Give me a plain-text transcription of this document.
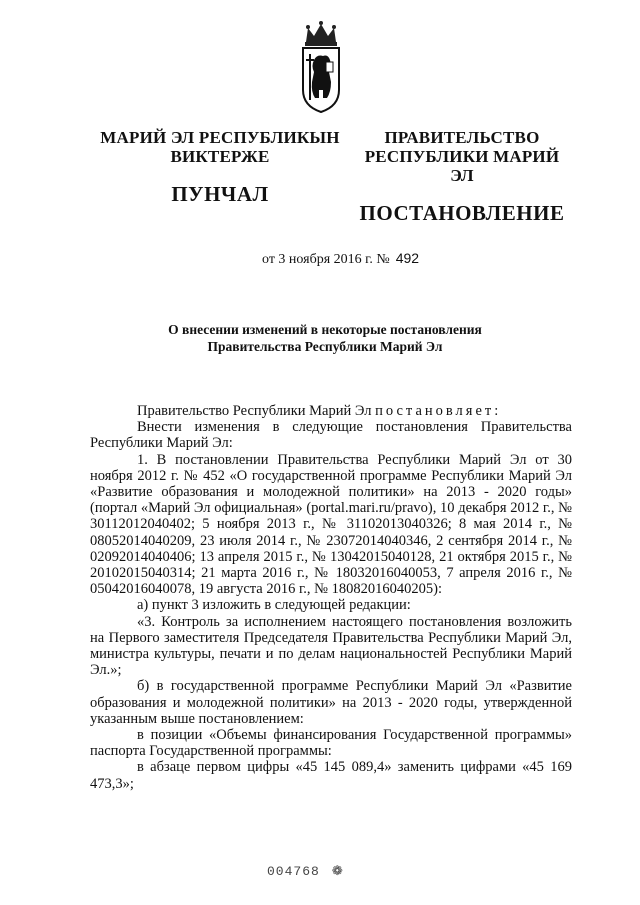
МАРИЙ ЭЛ РЕСПУБЛИКЫН
ВИКТЕРЖЕ
ПУНЧАЛ
ПРАВИТЕЛЬСТВО
РЕСПУБЛИКИ МАРИЙ ЭЛ
ПОСТАНОВЛЕНИЕ
от 3 ноября 2016 г. № 492
О внесении изменений в некоторые постановления
Правительства Республики Марий Эл

Правительство Республики Марий Эл постановляет:

Внести изменения в следующие постановления Правительства Республики Марий Эл:

1. В постановлении Правительства Республики Марий Эл от 30 ноября 2012 г. № 452 «О государственной программе Республики Марий Эл «Развитие образования и молодежной политики» на 2013 - 2020 годы» (портал «Марий Эл официальная» (portal.mari.ru/pravo), 10 декабря 2012 г., № 30112012040402; 5 ноября 2013 г., № 31102013040326; 8 мая 2014 г., № 08052014040209, 23 июля 2014 г., № 23072014040346, 2 сентября 2014 г., № 02092014040406; 13 апреля 2015 г., № 13042015040128, 21 октября 2015 г., № 20102015040314; 21 марта 2016 г., № 18032016040053, 7 апреля 2016 г., № 05042016040078, 19 августа 2016 г., № 18082016040205):

а) пункт 3 изложить в следующей редакции:

«3. Контроль за исполнением настоящего постановления возложить на Первого заместителя Председателя Правительства Республики Марий Эл, министра культуры, печати и по делам национальностей Республики Марий Эл.»;

б) в государственной программе Республики Марий Эл «Развитие образования и молодежной политики» на 2013 - 2020 годы, утвержденной указанным выше постановлением:

в позиции «Объемы финансирования Государственной программы» паспорта Государственной программы:

в абзаце первом цифры «45 145 089,4» заменить цифрами «45 169 473,3»;

004768 ❁
